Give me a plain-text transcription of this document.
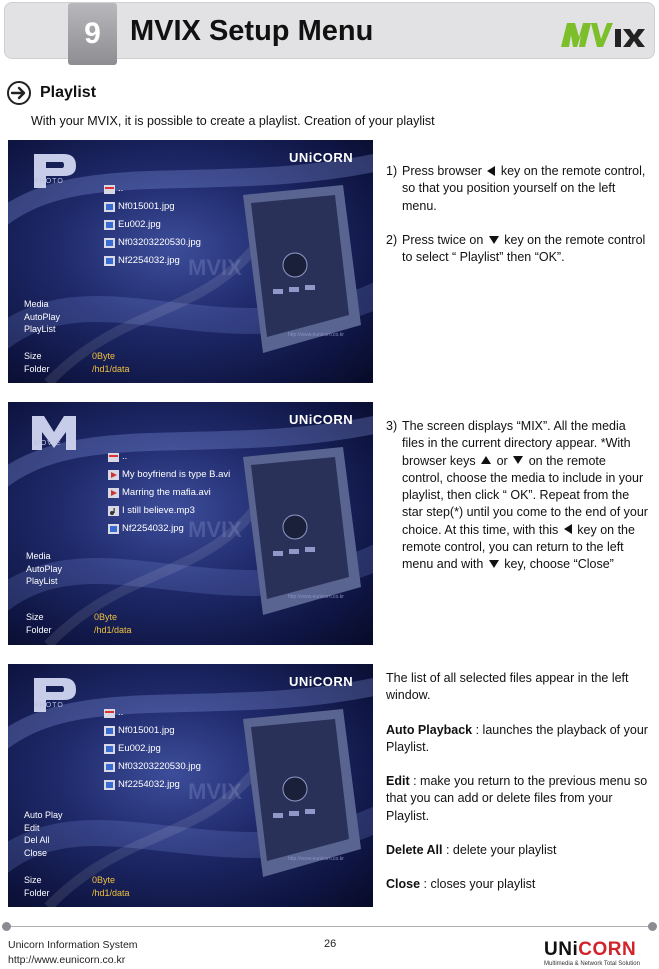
9	MVIX Setup Menu
Playlist
With your MVIX, it is possible to create a playlist. Creation of your playlist
PHOTO
UNiCORN
MVIX
..
Nf015001.jpg
Eu002.jpg
Nf03203220530.jpg
Nf2254032.jpg
Media
AutoPlay
PlayList
Size	0Byte
Folder	/hd1/data
http://www.eunicorn.co.kr
MOVIE
UNiCORN
MVIX
..
My boyfriend is type B.avi
Marring the mafia.avi
I still believe.mp3
Nf2254032.jpg
Media
AutoPlay
PlayList
Size	0Byte
Folder	/hd1/data
http://www.eunicorn.co.kr
PHOTO
UNiCORN
MVIX
..
Nf015001.jpg
Eu002.jpg
Nf03203220530.jpg
Nf2254032.jpg
Auto Play
Edit
Del All
Close
Size	0Byte
Folder	/hd1/data
http://www.eunicorn.co.kr
1) Press browser key on the remote control, so that you position yourself on the left menu.
2) Press twice on key on the remote control to select “ Playlist” then “OK”.
3) The screen displays “MIX”. All the media files in the current directory appear. *With browser keys or on the remote control, choose the media to include in your playlist, then click “ OK”. Repeat from the star step(*) until you come to the end of your choice. At this time, with this key on the remote control, you can return to the left menu and with key, choose “Close”

The list of all selected files appear in the left window.

Auto Playback : launches the playback of your Playlist.

Edit : make you return to the previous menu so that you can add or delete files from your Playlist.

Delete All : delete your playlist

Close : closes your playlist

Unicorn Information System
http://www.eunicorn.co.kr
26	UNiCORN
Multimedia & Network Total Solution
